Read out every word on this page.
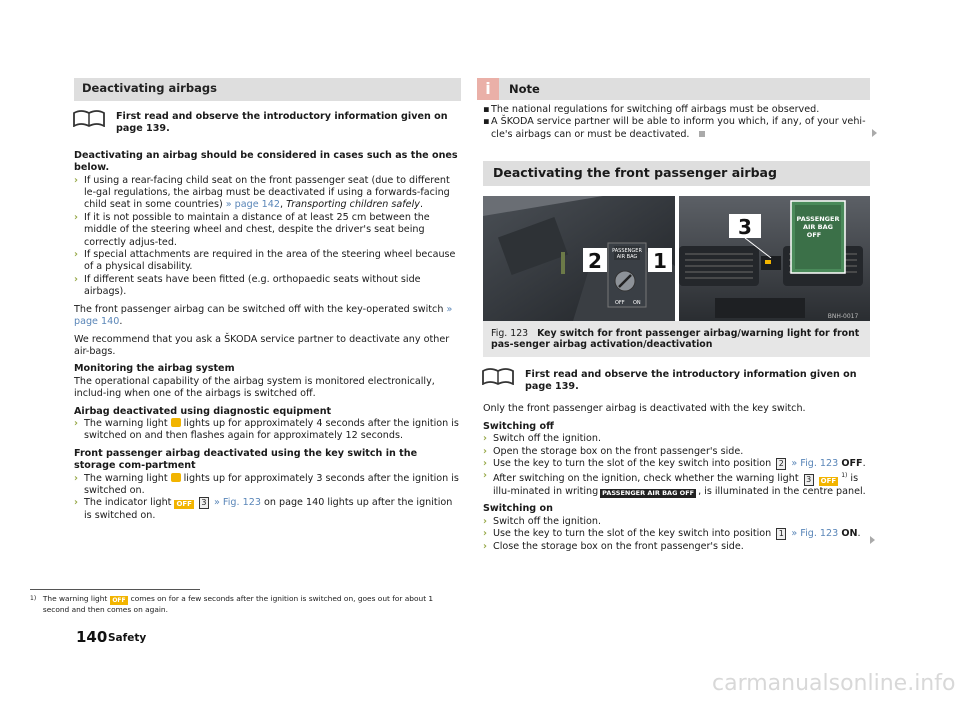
Deactivating airbags
First read and observe the introductory information given on page 139.

Deactivating an airbag should be considered in cases such as the ones below.

› If using a rear-facing child seat on the front passenger seat (due to different le-gal regulations, the airbag must be deactivated if using a forwards-facing child seat in some countries) » page 142, Transporting children safely.
› If it is not possible to maintain a distance of at least 25 cm between the middle of the steering wheel and chest, despite the driver's seat being correctly adjus-ted.
› If special attachments are required in the area of the steering wheel because of a physical disability.
› If different seats have been fitted (e.g. orthopaedic seats without side airbags).

The front passenger airbag can be switched off with the key-operated switch » page 140.

We recommend that you ask a ŠKODA service partner to deactivate any other air-bags.

Monitoring the airbag system
The operational capability of the airbag system is monitored electronically, includ-ing when one of the airbags is switched off.

Airbag deactivated using diagnostic equipment

› The warning light lights up for approximately 4 seconds after the ignition is switched on and then flashes again for approximately 12 seconds.

Front passenger airbag deactivated using the key switch in the storage com-partment

› The warning light lights up for approximately 3 seconds after the ignition is switched on.
› The indicator light OFF 3 » Fig. 123 on page 140 lights up after the ignition is switched on.
i	Note
▪ The national regulations for switching off airbags must be observed.
▪ A ŠKODA service partner will be able to inform you which, if any, of your vehi-cle's airbags can or must be deactivated.
Deactivating the front passenger airbag
PASSENGER
AIR BAG
OFF ON
2	1
3	PASSENGER
AIR BAG
OFF
BNH-0017
Fig. 123 Key switch for front passenger airbag/warning light for front pas-senger airbag activation/deactivation
First read and observe the introductory information given on page 139.

Only the front passenger airbag is deactivated with the key switch.

Switching off

› Switch off the ignition.
› Open the storage box on the front passenger's side.
› Use the key to turn the slot of the key switch into position 2 » Fig. 123 OFF.
› After switching on the ignition, check whether the warning light 3 OFF$^{1)}$ is illu-minated in writing PASSENGER AIR BAG OFF , is illuminated in the centre panel.

Switching on

› Switch off the ignition.
› Use the key to turn the slot of the key switch into position 1 » Fig. 123 ON.
› Close the storage box on the front passenger's side.
1) The warning light OFF comes on for a few seconds after the ignition is switched on, goes out for about 1 second and then comes on again.
140 Safety
carmanualsonline.info
